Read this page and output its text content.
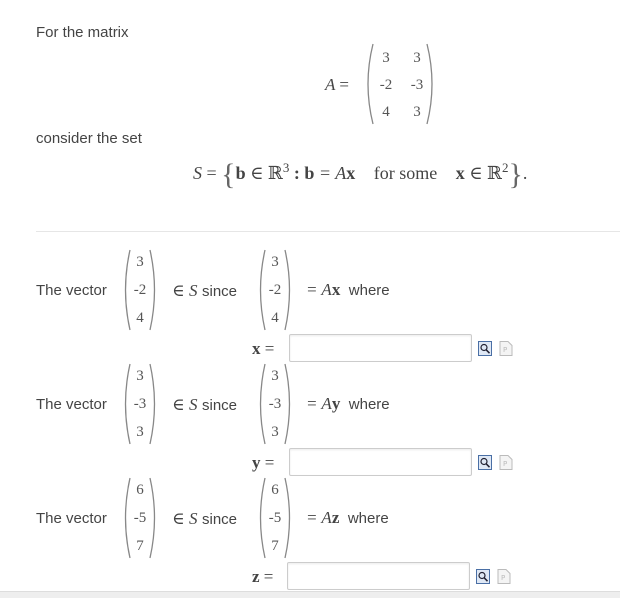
For the matrix
A =
3	3
-2	-3
4	3
consider the set
S = {b ∈ ℝ$^3$ : b = Ax for some x ∈ ℝ$^2$}.
The vector
3
-2
4
∈ S since
3
-2
4
= Ax where
x =	P
The vector
3
-3
3
∈ S since
3
-3
3
= Ay where
y =	P
The vector
6
-5
7
∈ S since
6
-5
7
= Az where
z =	P
